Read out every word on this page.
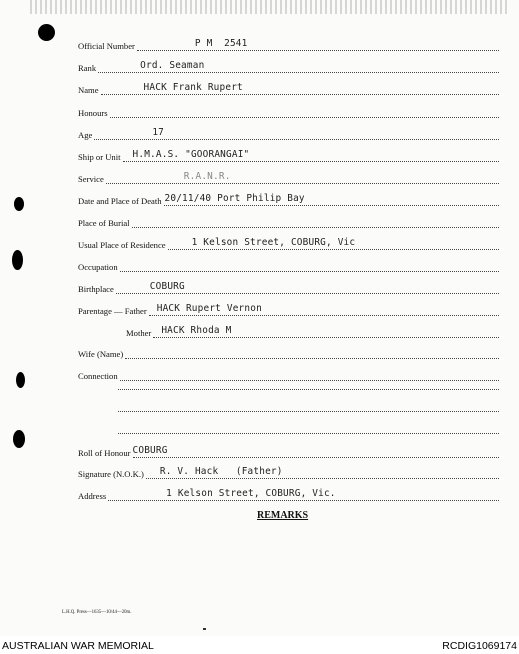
Official Number	P M  2541
Rank	Ord. Seaman
Name	HACK Frank Rupert
Honours
Age	17
Ship or Unit H.M.A.S. "GOORANGAI"
Service	R.A.N.R.
Date and Place of Death 20/11/40 Port Philip Bay
Place of Burial
Usual Place of Residence	1 Kelson Street, COBURG, Vic
Occupation
Birthplace	COBURG
Parentage — Father HACK Rupert Vernon
Mother HACK Rhoda M
Wife (Name)
Connection
Roll of Honour COBURG
Signature (N.O.K.) R. V. Hack   (Father)
Address	1 Kelson Street, COBURG, Vic.
REMARKS
L.H.Q. Press—1635—10/44—20m.
AUSTRALIAN WAR MEMORIAL	RCDIG1069174
